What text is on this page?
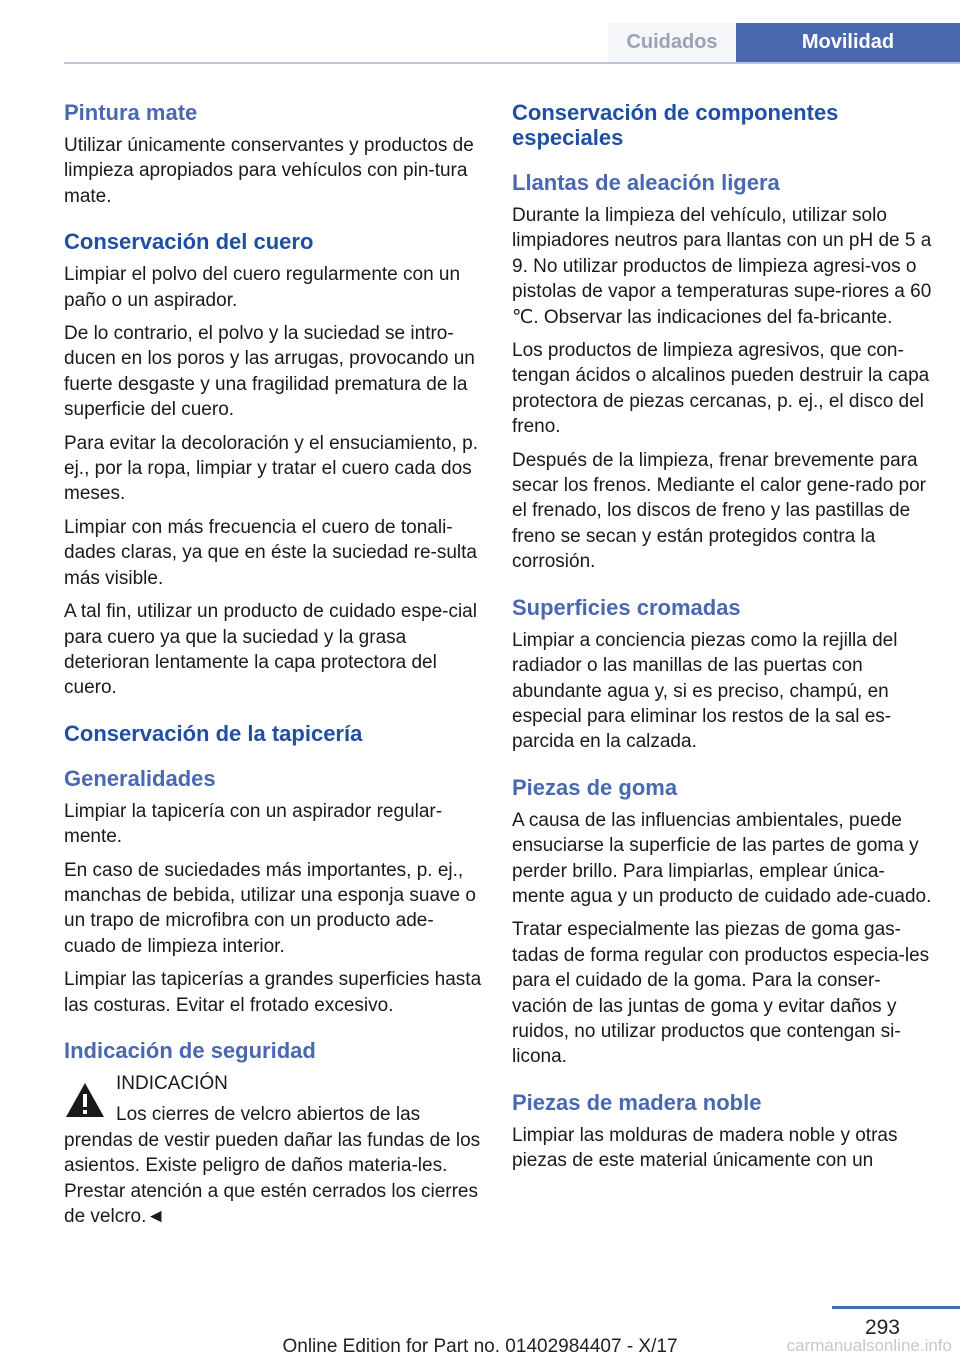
Cuidados	Movilidad
Pintura mate

Utilizar únicamente conservantes y productos de limpieza apropiados para vehículos con pin-tura mate.

Conservación del cuero

Limpiar el polvo del cuero regularmente con un paño o un aspirador.

De lo contrario, el polvo y la suciedad se intro-ducen en los poros y las arrugas, provocando un fuerte desgaste y una fragilidad prematura de la superficie del cuero.

Para evitar la decoloración y el ensuciamiento, p. ej., por la ropa, limpiar y tratar el cuero cada dos meses.

Limpiar con más frecuencia el cuero de tonali-dades claras, ya que en éste la suciedad re-sulta más visible.

A tal fin, utilizar un producto de cuidado espe-cial para cuero ya que la suciedad y la grasa deterioran lentamente la capa protectora del cuero.

Conservación de la tapicería
Generalidades

Limpiar la tapicería con un aspirador regular-mente.

En caso de suciedades más importantes, p. ej., manchas de bebida, utilizar una esponja suave o un trapo de microfibra con un producto ade-cuado de limpieza interior.

Limpiar las tapicerías a grandes superficies hasta las costuras. Evitar el frotado excesivo.

Indicación de seguridad

INDICACIÓN

Los cierres de velcro abiertos de las

prendas de vestir pueden dañar las fundas de los asientos. Existe peligro de daños materia-les. Prestar atención a que estén cerrados los cierres de velcro.◄

Conservación de componentes especiales
Llantas de aleación ligera

Durante la limpieza del vehículo, utilizar solo limpiadores neutros para llantas con un pH de 5 a 9. No utilizar productos de limpieza agresi-vos o pistolas de vapor a temperaturas supe-riores a 60 ℃. Observar las indicaciones del fa-bricante.

Los productos de limpieza agresivos, que con-tengan ácidos o alcalinos pueden destruir la capa protectora de piezas cercanas, p. ej., el disco del freno.

Después de la limpieza, frenar brevemente para secar los frenos. Mediante el calor gene-rado por el frenado, los discos de freno y las pastillas de freno se secan y están protegidos contra la corrosión.

Superficies cromadas

Limpiar a conciencia piezas como la rejilla del radiador o las manillas de las puertas con abundante agua y, si es preciso, champú, en especial para eliminar los restos de la sal es-parcida en la calzada.

Piezas de goma

A causa de las influencias ambientales, puede ensuciarse la superficie de las partes de goma y perder brillo. Para limpiarlas, emplear única-mente agua y un producto de cuidado ade-cuado.

Tratar especialmente las piezas de goma gas-tadas de forma regular con productos especia-les para el cuidado de la goma. Para la conser-vación de las juntas de goma y evitar daños y ruidos, no utilizar productos que contengan si-licona.

Piezas de madera noble

Limpiar las molduras de madera noble y otras piezas de este material únicamente con un

293
Online Edition for Part no. 01402984407 - X/17	carmanualsonline.info
